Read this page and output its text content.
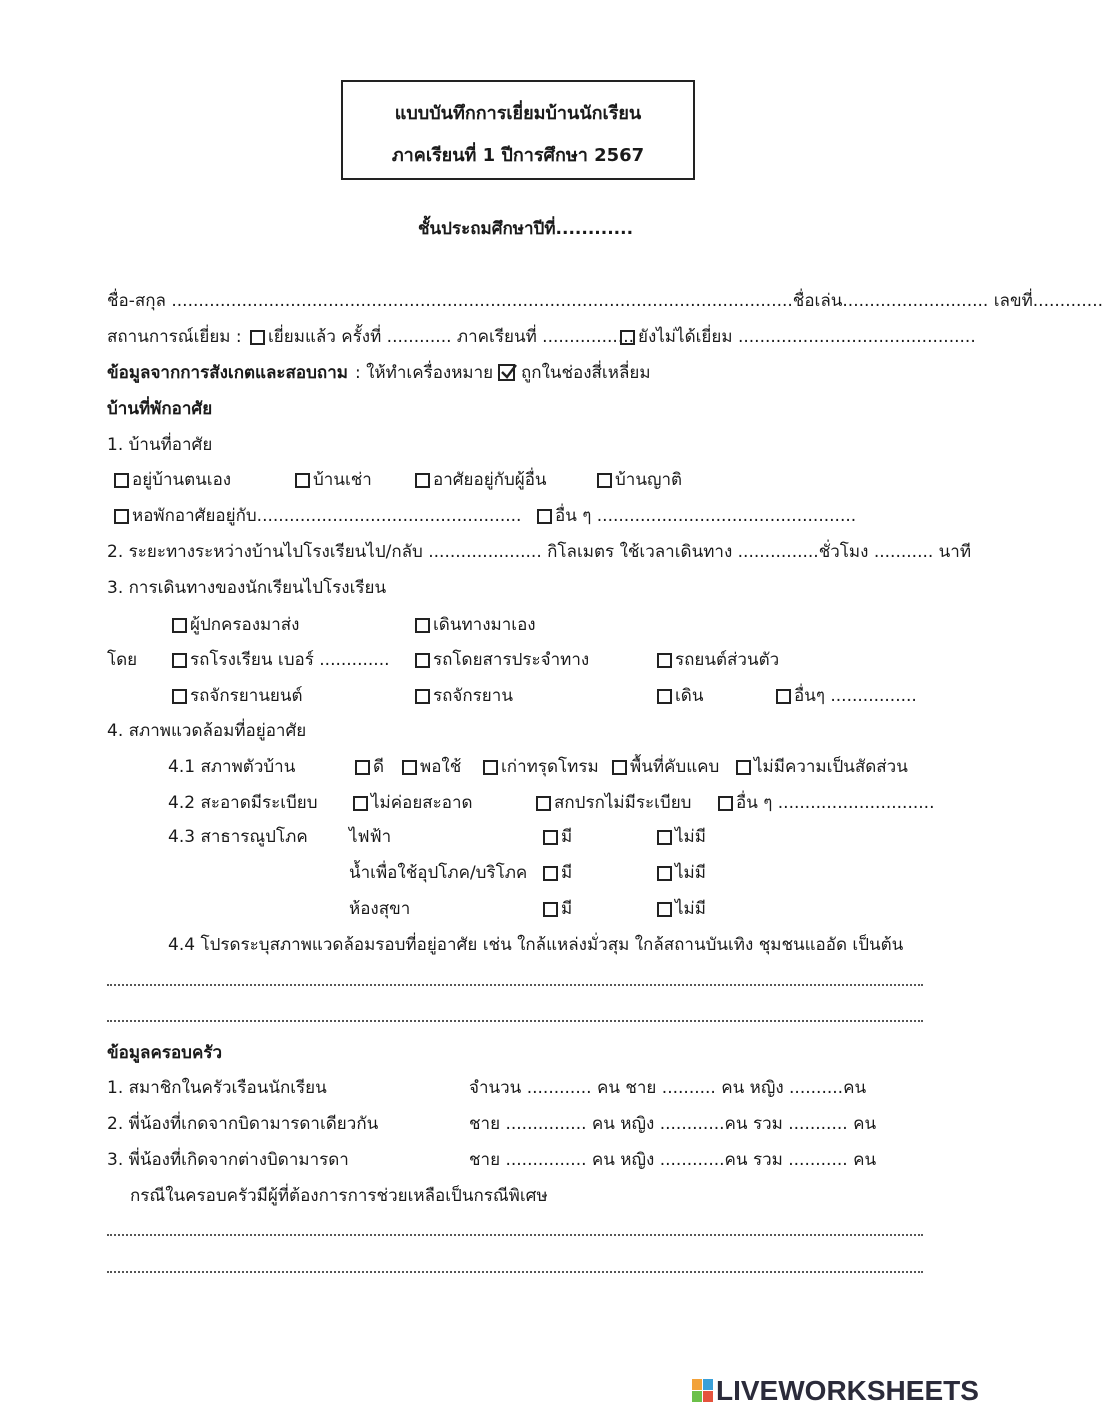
แบบบันทึกการเยี่ยมบ้านนักเรียน
ภาคเรียนที่ 1 ปีการศึกษา 2567
ชั้นประถมศึกษาปีที่............
ชื่อ-สกุล ...................................................................................................................ชื่อเล่น........................... เลขที่.............
สถานการณ์เยี่ยม : เยี่ยมแล้ว ครั้งที่ ............ ภาคเรียนที่ ................. ยังไม่ได้เยี่ยม ............................................
ข้อมูลจากการสังเกตและสอบถาม : ให้ทำเครื่องหมาย ถูกในช่องสี่เหลี่ยม
บ้านที่พักอาศัย
1. บ้านที่อาศัย
อยู่บ้านตนเอง	บ้านเช่า	อาศัยอยู่กับผู้อื่น	บ้านญาติ
หอพักอาศัยอยู่กับ................................................. อื่น ๆ ................................................
2. ระยะทางระหว่างบ้านไปโรงเรียนไป/กลับ ..................... กิโลเมตร ใช้เวลาเดินทาง ...............ชั่วโมง ........... นาที
3. การเดินทางของนักเรียนไปโรงเรียน
ผู้ปกครองมาส่ง	เดินทางมาเอง
โดย	รถโรงเรียน เบอร์ .............	รถโดยสารประจำทาง	รถยนต์ส่วนตัว
รถจักรยานยนต์	รถจักรยาน	เดิน	อื่นๆ ................
4. สภาพแวดล้อมที่อยู่อาศัย
4.1 สภาพตัวบ้าน	ดี พอใช้ เก่าทรุดโทรม พื้นที่คับแคบ ไม่มีความเป็นสัดส่วน
4.2 สะอาดมีระเบียบ	ไม่ค่อยสะอาด	สกปรกไม่มีระเบียบ	อื่น ๆ .............................
4.3 สาธารณูปโภค ไฟฟ้า	มี	ไม่มี
น้ำเพื่อใช้อุปโภค/บริโภค มี	ไม่มี
ห้องสุขา	มี	ไม่มี
4.4 โปรดระบุสภาพแวดล้อมรอบที่อยู่อาศัย เช่น ใกล้แหล่งมั่วสุม ใกล้สถานบันเทิง ชุมชนแออัด เป็นต้น
ข้อมูลครอบครัว
1. สมาชิกในครัวเรือนนักเรียน	จำนวน ............ คน ชาย .......... คน หญิง ..........คน
2. พี่น้องที่เกดจากบิดามารดาเดียวกัน	ชาย ............... คน หญิง ............คน รวม ........... คน
3. พี่น้องที่เกิดจากต่างบิดามารดา	ชาย ............... คน หญิง ............คน รวม ........... คน
กรณีในครอบครัวมีผู้ที่ต้องการการช่วยเหลือเป็นกรณีพิเศษ
LIVEWORKSHEETS
